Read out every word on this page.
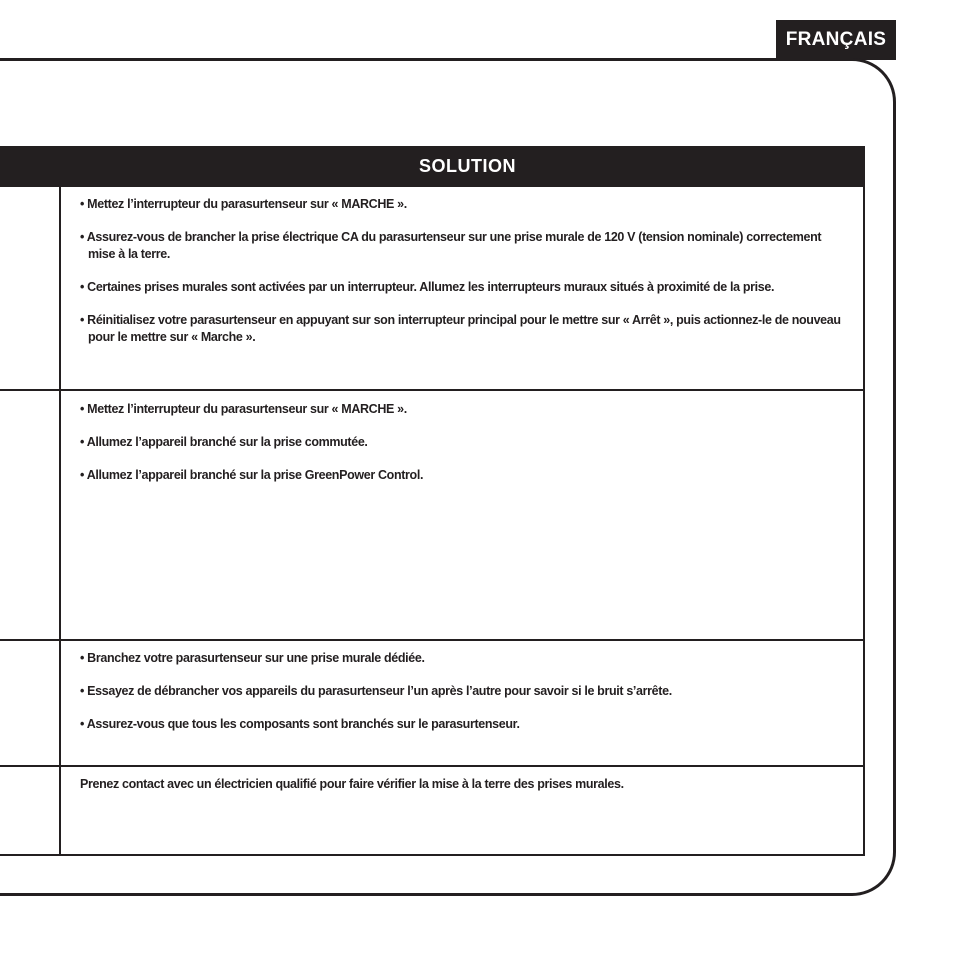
FRANÇAIS
SOLUTION

• Mettez l’interrupteur du parasurtenseur sur « MARCHE ».

• Assurez-vous de brancher la prise électrique CA du parasurtenseur sur une prise murale de 120 V (tension nominale) correctement mise à la terre.

• Certaines prises murales sont activées par un interrupteur. Allumez les interrupteurs muraux situés à proximité de la prise.

• Réinitialisez votre parasurtenseur en appuyant sur son interrupteur principal pour le mettre sur « Arrêt », puis actionnez-le de nouveau pour le mettre sur « Marche ».

• Mettez l’interrupteur du parasurtenseur sur « MARCHE ».

• Allumez l’appareil branché sur la prise commutée.

• Allumez l’appareil branché sur la prise GreenPower Control.

• Branchez votre parasurtenseur sur une prise murale dédiée.

• Essayez de débrancher vos appareils du parasurtenseur l’un après l’autre pour savoir si le bruit s’arrête.

• Assurez-vous que tous les composants sont branchés sur le parasurtenseur.

Prenez contact avec un électricien qualifié pour faire vérifier la mise à la terre des prises murales.
